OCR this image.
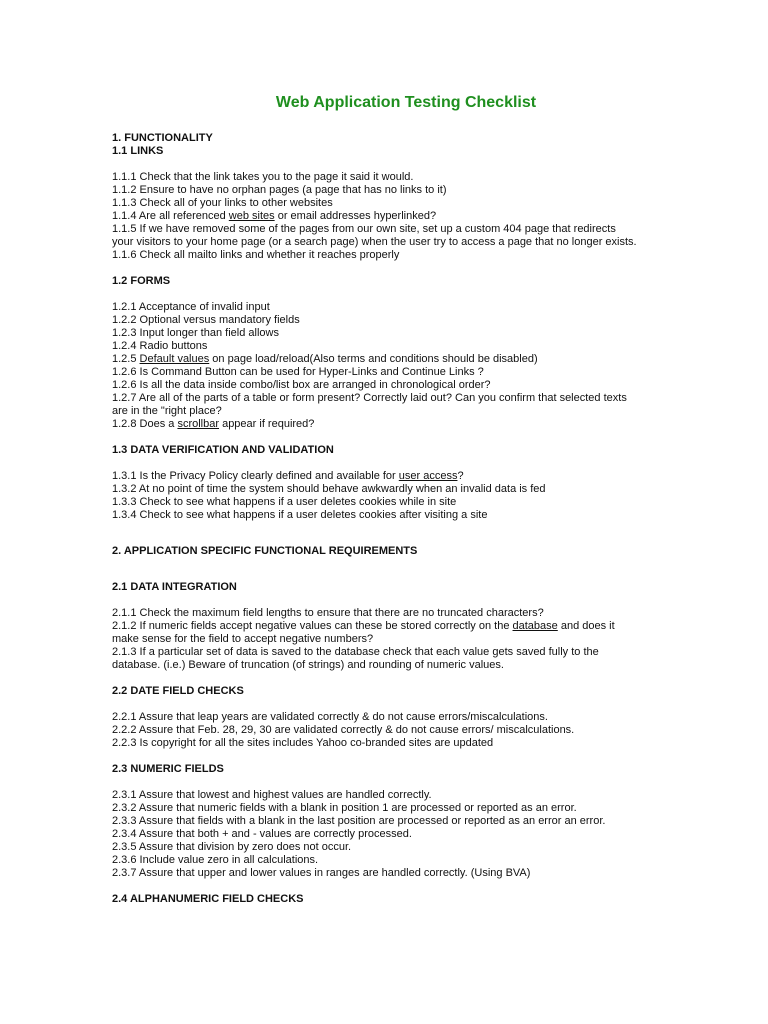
Web Application Testing Checklist

1. FUNCTIONALITY

1.1 LINKS

1.1.1 Check that the link takes you to the page it said it would.

1.1.2 Ensure to have no orphan pages (a page that has no links to it)

1.1.3 Check all of your links to other websites

1.1.4 Are all referenced web sites or email addresses hyperlinked?

1.1.5 If we have removed some of the pages from our own site, set up a custom 404 page that redirects

your visitors to your home page (or a search page) when the user try to access a page that no longer exists.

1.1.6 Check all mailto links and whether it reaches properly

1.2 FORMS

1.2.1 Acceptance of invalid input

1.2.2 Optional versus mandatory fields

1.2.3 Input longer than field allows

1.2.4 Radio buttons

1.2.5 Default values on page load/reload(Also terms and conditions should be disabled)

1.2.6 Is Command Button can be used for Hyper-Links and Continue Links ?

1.2.6 Is all the data inside combo/list box are arranged in chronological order?

1.2.7 Are all of the parts of a table or form present? Correctly laid out? Can you confirm that selected texts

are in the "right place?

1.2.8 Does a scrollbar appear if required?

1.3 DATA VERIFICATION AND VALIDATION

1.3.1 Is the Privacy Policy clearly defined and available for user access?

1.3.2 At no point of time the system should behave awkwardly when an invalid data is fed

1.3.3 Check to see what happens if a user deletes cookies while in site

1.3.4 Check to see what happens if a user deletes cookies after visiting a site

2. APPLICATION SPECIFIC FUNCTIONAL REQUIREMENTS

2.1 DATA INTEGRATION

2.1.1 Check the maximum field lengths to ensure that there are no truncated characters?

2.1.2 If numeric fields accept negative values can these be stored correctly on the database and does it

make sense for the field to accept negative numbers?

2.1.3 If a particular set of data is saved to the database check that each value gets saved fully to the

database. (i.e.) Beware of truncation (of strings) and rounding of numeric values.

2.2 DATE FIELD CHECKS

2.2.1 Assure that leap years are validated correctly & do not cause errors/miscalculations.

2.2.2 Assure that Feb. 28, 29, 30 are validated correctly & do not cause errors/ miscalculations.

2.2.3 Is copyright for all the sites includes Yahoo co-branded sites are updated

2.3 NUMERIC FIELDS

2.3.1 Assure that lowest and highest values are handled correctly.

2.3.2 Assure that numeric fields with a blank in position 1 are processed or reported as an error.

2.3.3 Assure that fields with a blank in the last position are processed or reported as an error an error.

2.3.4 Assure that both + and - values are correctly processed.

2.3.5 Assure that division by zero does not occur.

2.3.6 Include value zero in all calculations.

2.3.7 Assure that upper and lower values in ranges are handled correctly. (Using BVA)

2.4 ALPHANUMERIC FIELD CHECKS
